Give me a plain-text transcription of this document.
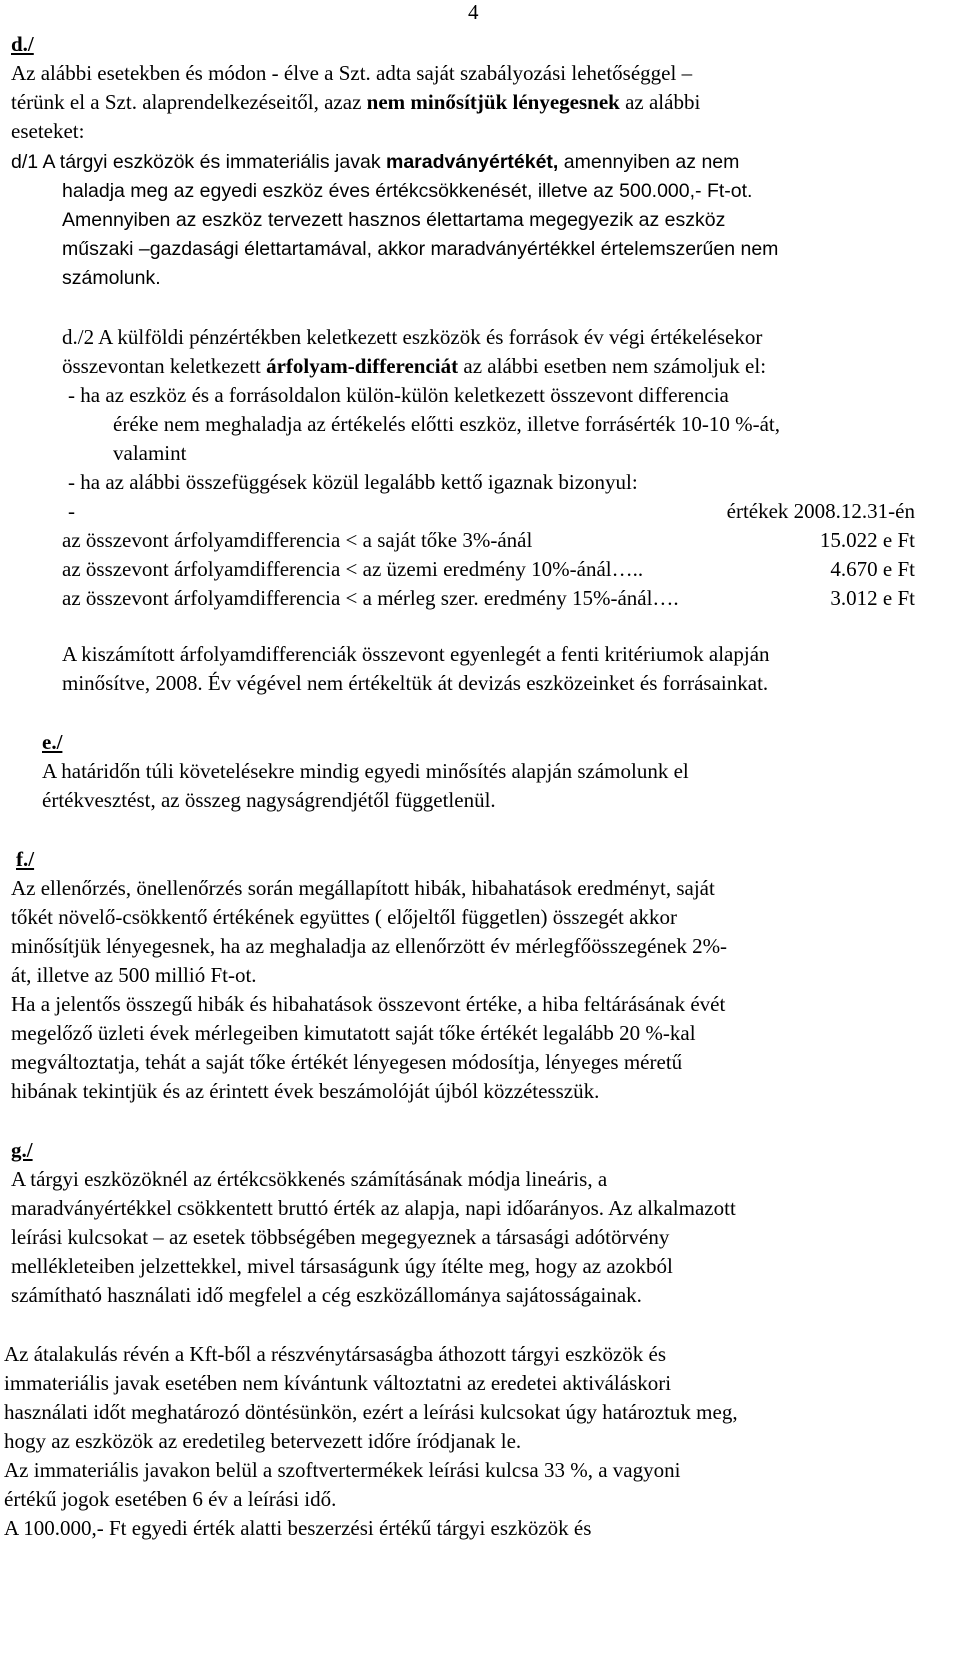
4
d./
Az alábbi esetekben és módon - élve a Szt. adta saját szabályozási lehetőséggel –
térünk el a Szt. alaprendelkezéseitől, azaz nem minősítjük lényegesnek az alábbi
eseteket:
d/1 A tárgyi eszközök és immateriális javak maradványértékét, amennyiben az nem
haladja meg az egyedi eszköz éves értékcsökkenését, illetve az 500.000,- Ft-ot.
Amennyiben az eszköz tervezett hasznos élettartama megegyezik az eszköz
műszaki –gazdasági élettartamával, akkor maradványértékkel értelemszerűen nem
számolunk.
d./2 A külföldi pénzértékben keletkezett eszközök és források év végi értékelésekor
összevontan keletkezett árfolyam-differenciát az alábbi esetben nem számoljuk el:
- ha az eszköz és a forrásoldalon külön-külön keletkezett összevont differencia
éréke nem meghaladja az értékelés előtti eszköz, illetve forrásérték 10-10 %-át,
valamint
- ha az alábbi összefüggések közül legalább kettő igaznak bizonyul:
-	értékek 2008.12.31-én
az összevont árfolyamdifferencia < a saját tőke 3%-ánál	15.022 e Ft
az összevont árfolyamdifferencia < az üzemi eredmény 10%-ánál…..	4.670 e Ft
az összevont árfolyamdifferencia < a mérleg szer. eredmény 15%-ánál….	3.012 e Ft
A kiszámított árfolyamdifferenciák összevont egyenlegét a fenti kritériumok alapján
minősítve, 2008. Év végével nem értékeltük át devizás eszközeinket és forrásainkat.
e./
A határidőn túli követelésekre mindig egyedi minősítés alapján számolunk el
értékvesztést, az összeg nagyságrendjétől függetlenül.
f./
Az ellenőrzés, önellenőrzés során megállapított hibák, hibahatások eredményt, saját
tőkét növelő-csökkentő értékének együttes ( előjeltől független) összegét akkor
minősítjük lényegesnek, ha az meghaladja az ellenőrzött év mérlegfőösszegének 2%-
át, illetve az 500 millió Ft-ot.
Ha a jelentős összegű hibák és hibahatások összevont értéke, a hiba feltárásának évét
megelőző üzleti évek mérlegeiben kimutatott saját tőke értékét legalább 20 %-kal
megváltoztatja, tehát a saját tőke értékét lényegesen módosítja, lényeges méretű
hibának tekintjük és az érintett évek beszámolóját újból közzétesszük.
g./
A tárgyi eszközöknél az értékcsökkenés számításának módja lineáris, a
maradványértékkel csökkentett bruttó érték az alapja, napi időarányos. Az alkalmazott
leírási kulcsokat – az esetek többségében megegyeznek a társasági adótörvény
mellékleteiben jelzettekkel, mivel társaságunk úgy ítélte meg, hogy az azokból
számítható használati idő megfelel a cég eszközállománya sajátosságainak.
Az átalakulás révén a Kft-ből a részvénytársaságba áthozott tárgyi eszközök és
immateriális javak esetében nem kívántunk változtatni az eredetei aktiváláskori
használati időt meghatározó döntésünkön, ezért a leírási kulcsokat úgy határoztuk meg,
hogy az eszközök az eredetileg betervezett időre íródjanak le.
Az immateriális javakon belül a szoftvertermékek leírási kulcsa 33 %, a vagyoni
értékű jogok esetében 6 év a leírási idő.
A 100.000,- Ft egyedi érték alatti beszerzési értékű tárgyi eszközök és
